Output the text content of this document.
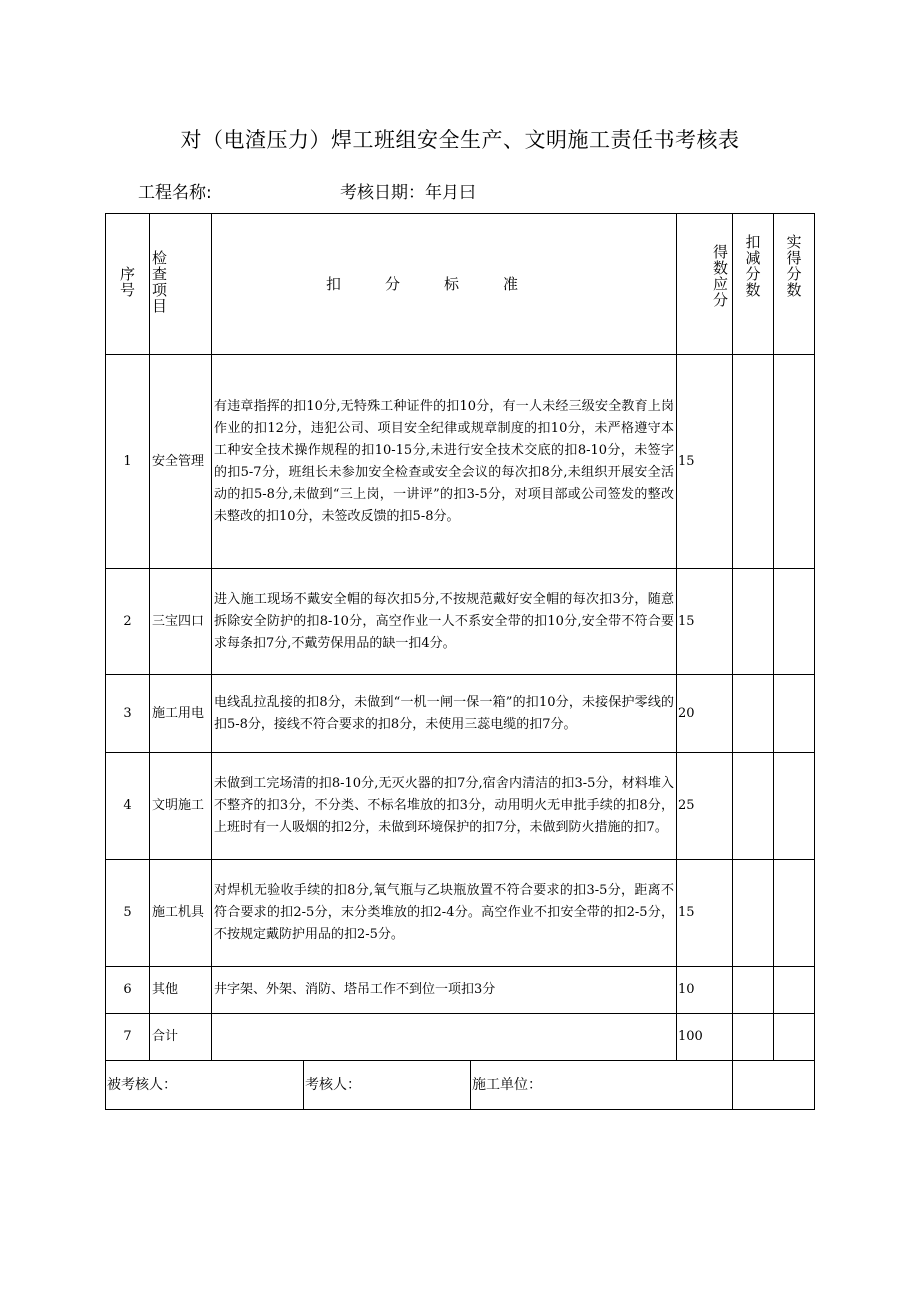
对（电渣压力）焊工班组安全生产、文明施工责任书考核表
工程名称:	考核日期：年月曰
序号	检查项目	扣分标准	得数应分	扣减分数	实得分数
1	安全管理	有违章指挥的扣10分,无特殊工种证件的扣10分，有一人未经三级安全教育上岗作业的扣12分，违犯公司、项目安全纪律或规章制度的扣10分，未严格遵守本工种安全技术操作规程的扣10-15分,未进行安全技术交底的扣8-10分，未签字的扣5-7分，班组长未参加安全检查或安全会议的每次扣8分,未组织开展安全活动的扣5-8分,未做到“三上岗，一讲评”的扣3-5分，对项目部或公司签发的整改未整改的扣10分，未签改反馈的扣5-8分。	15		
2	三宝四口	进入施工现场不戴安全帽的每次扣5分,不按规范戴好安全帽的每次扣3分，随意拆除安全防护的扣8-10分，高空作业一人不系安全带的扣10分,安全带不符合要求每条扣7分,不戴劳保用品的缺一扣4分。	15		
3	施工用电	电线乱拉乱接的扣8分，未做到“一机一闸一保一箱”的扣10分，未接保护零线的扣5-8分，接线不符合要求的扣8分，未使用三蕊电缆的扣7分。	20		
4	文明施工	未做到工完场清的扣8-10分,无灭火器的扣7分,宿舍内清洁的扣3-5分，材料堆入不整齐的扣3分，不分类、不标名堆放的扣3分，动用明火无申批手续的扣8分，上班时有一人吸烟的扣2分，未做到环境保护的扣7分，未做到防火措施的扣7。	25		
5	施工机具	对焊机无验收手续的扣8分,氧气瓶与乙块瓶放置不符合要求的扣3-5分，距离不符合要求的扣2-5分，末分类堆放的扣2-4分。高空作业不扣安全带的扣2-5分，不按规定戴防护用品的扣2-5分。	15		
6	其他	井字架、外架、消防、塔吊工作不到位一项扣3分	10		
7	合计		100		

被考核人： 考核人： 施工单位：					
